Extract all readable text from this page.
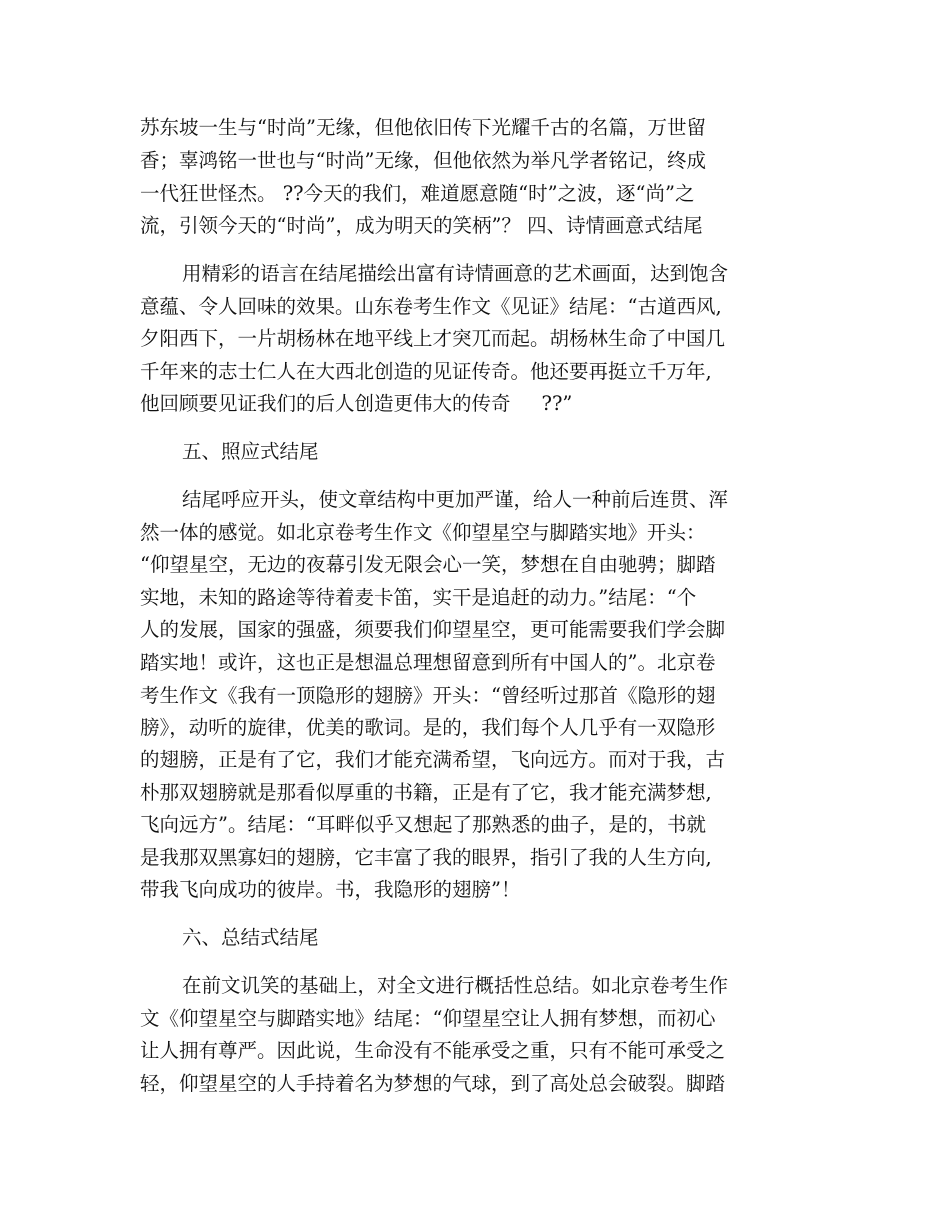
苏东坡一生与“时尚”无缘，但他依旧传下光耀千古的名篇，万世留
香；辜鸿铭一世也与“时尚”无缘，但他依然为举凡学者铭记，终成
一代狂世怪杰。 ??今天的我们，难道愿意随“时”之波，逐“尚”之
流，引领今天的“时尚”，成为明天的笑柄”？ 四、诗情画意式结尾
用精彩的语言在结尾描绘出富有诗情画意的艺术画面，达到饱含
意蕴、令人回味的效果。山东卷考生作文《见证》结尾：“古道西风,
夕阳西下，一片胡杨林在地平线上才突兀而起。胡杨林生命了中国几
千年来的志士仁人在大西北创造的见证传奇。他还要再挺立千万年,
他回顾要见证我们的后人创造更伟大的传奇     ??”
五、照应式结尾
结尾呼应开头，使文章结构中更加严谨，给人一种前后连贯、浑
然一体的感觉。如北京卷考生作文《仰望星空与脚踏实地》开头：
“仰望星空，无边的夜幕引发无限会心一笑，梦想在自由驰骋；脚踏
实地，未知的路途等待着麦卡笛，实干是追赶的动力。”结尾：“个
人的发展，国家的强盛，须要我们仰望星空，更可能需要我们学会脚
踏实地！或许，这也正是想温总理想留意到所有中国人的”。北京卷
考生作文《我有一顶隐形的翅膀》开头：“曾经听过那首《隐形的翅
膀》，动听的旋律，优美的歌词。是的，我们每个人几乎有一双隐形
的翅膀，正是有了它，我们才能充满希望，飞向远方。而对于我，古
朴那双翅膀就是那看似厚重的书籍，正是有了它，我才能充满梦想,
飞向远方”。结尾：“耳畔似乎又想起了那熟悉的曲子，是的，书就
是我那双黑寡妇的翅膀，它丰富了我的眼界，指引了我的人生方向,
带我飞向成功的彼岸。书，我隐形的翅膀”！
六、总结式结尾
在前文讥笑的基础上，对全文进行概括性总结。如北京卷考生作
文《仰望星空与脚踏实地》结尾：“仰望星空让人拥有梦想，而初心
让人拥有尊严。因此说，生命没有不能承受之重，只有不能可承受之
轻，仰望星空的人手持着名为梦想的气球，到了高处总会破裂。脚踏
